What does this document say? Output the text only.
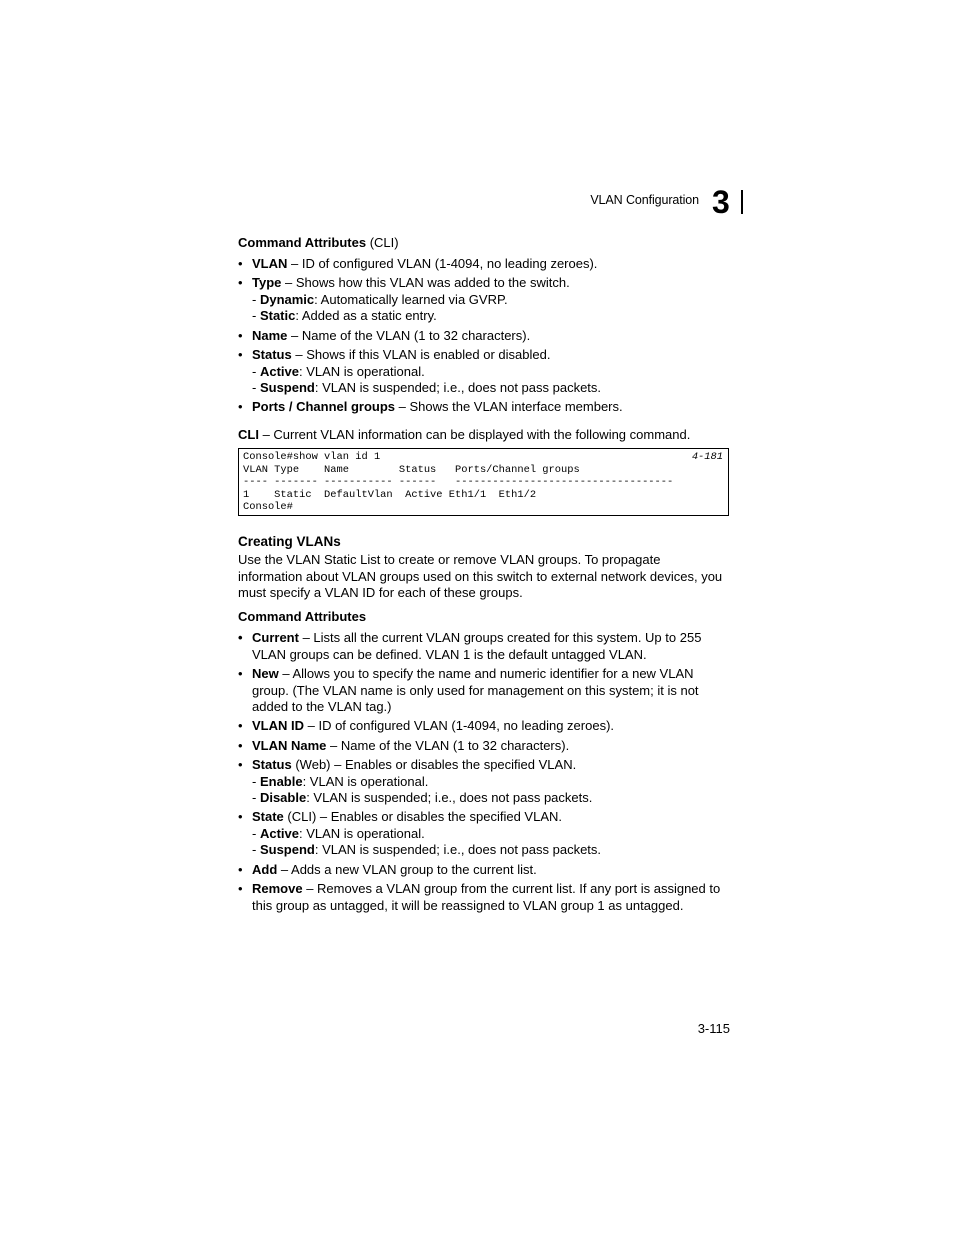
VLAN Configuration 3
Command Attributes (CLI)
• VLAN – ID of configured VLAN (1-4094, no leading zeroes).
• Type – Shows how this VLAN was added to the switch.
- Dynamic: Automatically learned via GVRP.
- Static: Added as a static entry.
• Name – Name of the VLAN (1 to 32 characters).
• Status – Shows if this VLAN is enabled or disabled.
- Active: VLAN is operational.
- Suspend: VLAN is suspended; i.e., does not pass packets.
• Ports / Channel groups – Shows the VLAN interface members.
CLI – Current VLAN information can be displayed with the following command.
4-181
Console#show vlan id 1
VLAN Type    Name        Status   Ports/Channel groups
---- ------- ----------- ------   -----------------------------------
1    Static  DefaultVlan  Active Eth1/1  Eth1/2
Console#
Creating VLANs
Use the VLAN Static List to create or remove VLAN groups. To propagate
information about VLAN groups used on this switch to external network devices, you
must specify a VLAN ID for each of these groups.
Command Attributes
• Current – Lists all the current VLAN groups created for this system. Up to 255
VLAN groups can be defined. VLAN 1 is the default untagged VLAN.
• New – Allows you to specify the name and numeric identifier for a new VLAN
group. (The VLAN name is only used for management on this system; it is not
added to the VLAN tag.)
• VLAN ID – ID of configured VLAN (1-4094, no leading zeroes).
• VLAN Name – Name of the VLAN (1 to 32 characters).
• Status (Web) – Enables or disables the specified VLAN.
- Enable: VLAN is operational.
- Disable: VLAN is suspended; i.e., does not pass packets.
• State (CLI) – Enables or disables the specified VLAN.
- Active: VLAN is operational.
- Suspend: VLAN is suspended; i.e., does not pass packets.
• Add – Adds a new VLAN group to the current list.
• Remove – Removes a VLAN group from the current list. If any port is assigned to
this group as untagged, it will be reassigned to VLAN group 1 as untagged.
3-115
